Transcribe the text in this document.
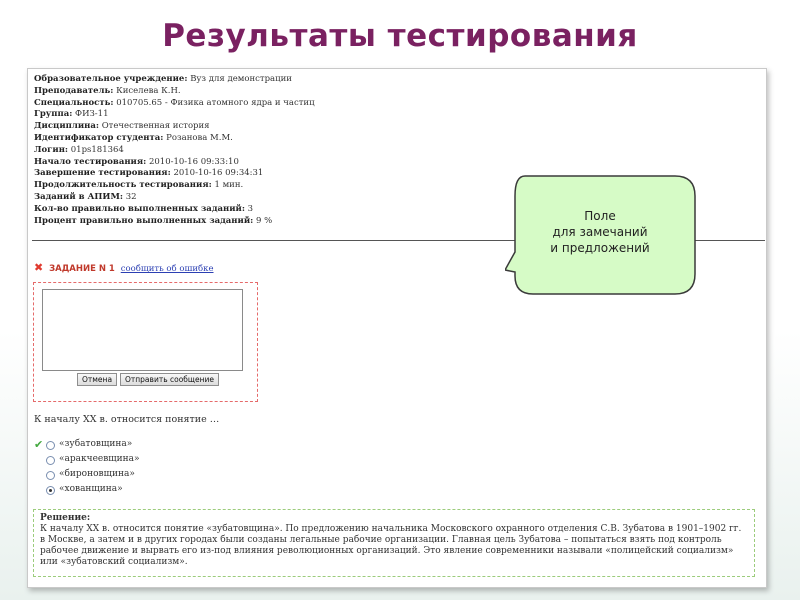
Результаты тестирования
Образовательное учреждение: Вуз для демонстрации
Преподаватель: Киселева К.Н.
Специальность: 010705.65 - Физика атомного ядра и частиц
Группа: ФИЗ-11
Дисциплина: Отечественная история
Идентификатор студента: Розанова М.М.
Логин: 01ps181364
Начало тестирования: 2010-10-16 09:33:10
Завершение тестирования: 2010-10-16 09:34:31
Продолжительность тестирования: 1 мин.
Заданий в АПИМ: 32
Кол-во правильно выполненных заданий: 3
Процент правильно выполненных заданий: 9 %
✖ ЗАДАНИЕ N 1 сообщить об ошибке
Отмена	Отправить сообщение
К началу XX в. относится понятие …
✔ «зубатовщина»
«аракчеевщина»
«бироновщина»
«хованщина»
Решение:
К началу XX в. относится понятие «зубатовщина». По предложению начальника Московского охранного отделения С.В. Зубатова в 1901–1902 гг. в Москве, а затем и в других городах были созданы легальные рабочие организации. Главная цель Зубатова – попытаться взять под контроль рабочее движение и вырвать его из-под влияния революционных организаций. Это явление современники называли «полицейский социализм» или «зубатовский социализм».
Поле
для замечаний
и предложений
